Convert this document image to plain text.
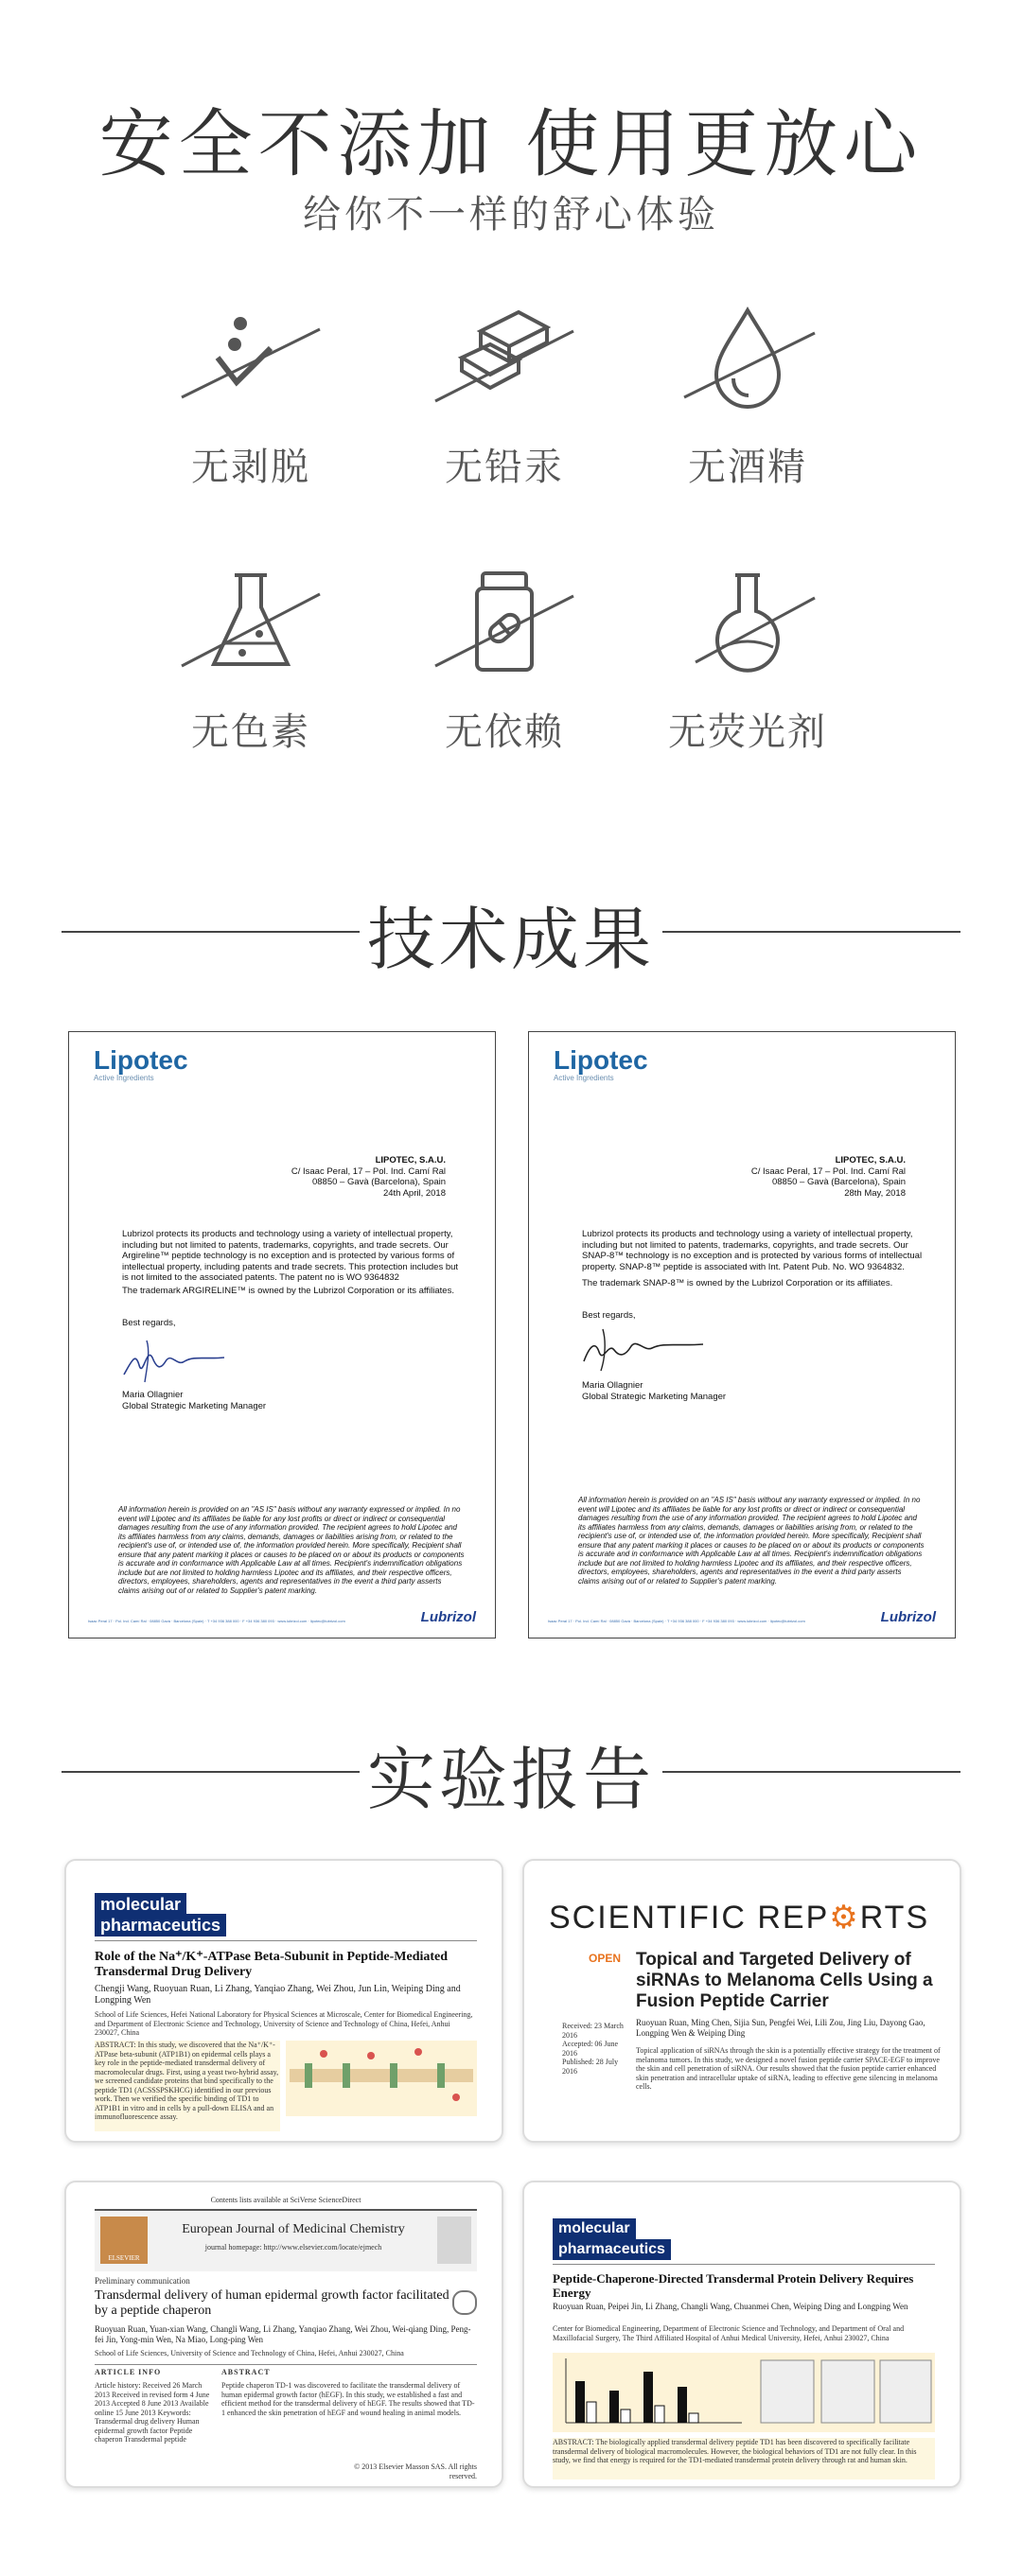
安全不添加 使用更放心
给你不一样的舒心体验
无剥脱	无铅汞	无酒精
无色素	无依赖	无荧光剂
技术成果
Lipotec
Active Ingredients
LIPOTEC, S.A.U.
C/ Isaac Peral, 17 – Pol. Ind. Camí Ral
08850 – Gavà (Barcelona), Spain
24th April, 2018
Lubrizol protects its products and technology using a variety of intellectual property, including but not limited to patents, trademarks, copyrights, and trade secrets. Our Argireline™ peptide technology is no exception and is protected by various forms of intellectual property, including patents and trade secrets. This protection includes but is not limited to the associated patents. The patent no is WO 9364832
The trademark ARGIRELINE™ is owned by the Lubrizol Corporation or its affiliates.
Best regards,
Maria Ollagnier
Global Strategic Marketing Manager
All information herein is provided on an "AS IS" basis without any warranty expressed or implied. In no event will Lipotec and its affiliates be liable for any lost profits or direct or indirect or consequential damages resulting from the use of any information provided. The recipient agrees to hold Lipotec and its affiliates harmless from any claims, demands, damages or liabilities arising from, or related to the recipient's use of, or intended use of, the information provided herein. More specifically, Recipient shall ensure that any patent marking it places or causes to be placed on or about its products or components is accurate and in conformance with Applicable Law at all times. Recipient's indemnification obligations include but are not limited to holding harmless Lipotec and its affiliates, and their respective officers, directors, employees, shareholders, agents and representatives in the event a third party asserts claims arising out of or related to Supplier's patent marking.
Isaac Peral 17 · Pol. Ind. Camí Ral · 08850 Gavà · Barcelona (Spain) · T +34 936 388 000 · F +34 936 380 093 · www.lubrizol.com · lipotec@lubrizol.com	Lubrizol
Lipotec
Active Ingredients
LIPOTEC, S.A.U.
C/ Isaac Peral, 17 – Pol. Ind. Camí Ral
08850 – Gavà (Barcelona), Spain
28th May, 2018
Lubrizol protects its products and technology using a variety of intellectual property, including but not limited to patents, trademarks, copyrights, and trade secrets. Our SNAP-8™ technology is no exception and is protected by various forms of intellectual property. SNAP-8™ peptide is associated with Int. Patent Pub. No. WO 9364832.
The trademark SNAP-8™ is owned by the Lubrizol Corporation or its affiliates.
Best regards,
Maria Ollagnier
Global Strategic Marketing Manager
All information herein is provided on an "AS IS" basis without any warranty expressed or implied. In no event will Lipotec and its affiliates be liable for any lost profits or direct or indirect or consequential damages resulting from the use of any information provided. The recipient agrees to hold Lipotec and its affiliates harmless from any claims, demands, damages or liabilities arising from, or related to the recipient's use of, or intended use of, the information provided herein. More specifically, Recipient shall ensure that any patent marking it places or causes to be placed on or about its products or components is accurate and in conformance with Applicable Law at all times. Recipient's indemnification obligations include but are not limited to holding harmless Lipotec and its affiliates, and their respective officers, directors, employees, shareholders, agents and representatives in the event a third party asserts claims arising out of or related to Supplier's patent marking.
Isaac Peral 17 · Pol. Ind. Camí Ral · 08850 Gavà · Barcelona (Spain) · T +34 936 388 000 · F +34 936 380 093 · www.lubrizol.com · lipotec@lubrizol.com	Lubrizol
实验报告
molecular
pharmaceutics
Role of the Na⁺/K⁺-ATPase Beta-Subunit in Peptide-Mediated Transdermal Drug Delivery
Chengji Wang, Ruoyuan Ruan, Li Zhang, Yanqiao Zhang, Wei Zhou, Jun Lin, Weiping Ding and Longping Wen
School of Life Sciences, Hefei National Laboratory for Physical Sciences at Microscale, Center for Biomedical Engineering, and Department of Electronic Science and Technology, University of Science and Technology of China, Hefei, Anhui 230027, China
ABSTRACT: In this study, we discovered that the Na⁺/K⁺-ATPase beta-subunit (ATP1B1) on epidermal cells plays a key role in the peptide-mediated transdermal delivery of macromolecular drugs. First, using a yeast two-hybrid assay, we screened candidate proteins that bind specifically to the peptide TD1 (ACSSSPSKHCG) identified in our previous work. Then we verified the specific binding of TD1 to ATP1B1 in vitro and in cells by a pull-down ELISA and an immunofluorescence assay.
SCIENTIFIC REP⚙RTS
OPEN Topical and Targeted Delivery of siRNAs to Melanoma Cells Using a Fusion Peptide Carrier
Received: 23 March 2016
Accepted: 06 June 2016
Published: 28 July 2016
Ruoyuan Ruan, Ming Chen, Sijia Sun, Pengfei Wei, Lili Zou, Jing Liu, Dayong Gao, Longping Wen & Weiping Ding
Topical application of siRNAs through the skin is a potentially effective strategy for the treatment of melanoma tumors. In this study, we designed a novel fusion peptide carrier SPACE-EGF to improve the skin and cell penetration of siRNA. Our results showed that the fusion peptide carrier enhanced skin penetration and intracellular uptake of siRNA, leading to effective gene silencing in melanoma cells.
Contents lists available at SciVerse ScienceDirect
ELSEVIER
European Journal of Medicinal Chemistry
journal homepage: http://www.elsevier.com/locate/ejmech
Preliminary communication
Transdermal delivery of human epidermal growth factor facilitated by a peptide chaperon
Ruoyuan Ruan, Yuan-xian Wang, Changli Wang, Li Zhang, Yanqiao Zhang, Wei Zhou, Wei-qiang Ding, Peng-fei Jin, Yong-min Wen, Na Miao, Long-ping Wen
School of Life Sciences, University of Science and Technology of China, Hefei, Anhui 230027, China
ARTICLE INFO	ABSTRACT
Article history: Received 26 March 2013 Received in revised form 4 June 2013 Accepted 8 June 2013 Available online 15 June 2013 Keywords: Transdermal drug delivery Human epidermal growth factor Peptide chaperon Transdermal peptide
Peptide chaperon TD-1 was discovered to facilitate the transdermal delivery of human epidermal growth factor (hEGF). In this study, we established a fast and efficient method for the transdermal delivery of hEGF. The results showed that TD-1 enhanced the skin penetration of hEGF and wound healing in animal models.
© 2013 Elsevier Masson SAS. All rights reserved.
molecular
pharmaceutics
Peptide-Chaperone-Directed Transdermal Protein Delivery Requires Energy
Ruoyuan Ruan, Peipei Jin, Li Zhang, Changli Wang, Chuanmei Chen, Weiping Ding and Longping Wen
Center for Biomedical Engineering, Department of Electronic Science and Technology, and Department of Oral and Maxillofacial Surgery, The Third Affiliated Hospital of Anhui Medical University, Hefei, Anhui 230027, China
ABSTRACT: The biologically applied transdermal delivery peptide TD1 has been discovered to specifically facilitate transdermal delivery of biological macromolecules. However, the biological behaviors of TD1 are not fully clear. In this study, we find that energy is required for the TD1-mediated transdermal protein delivery through rat and human skin.
